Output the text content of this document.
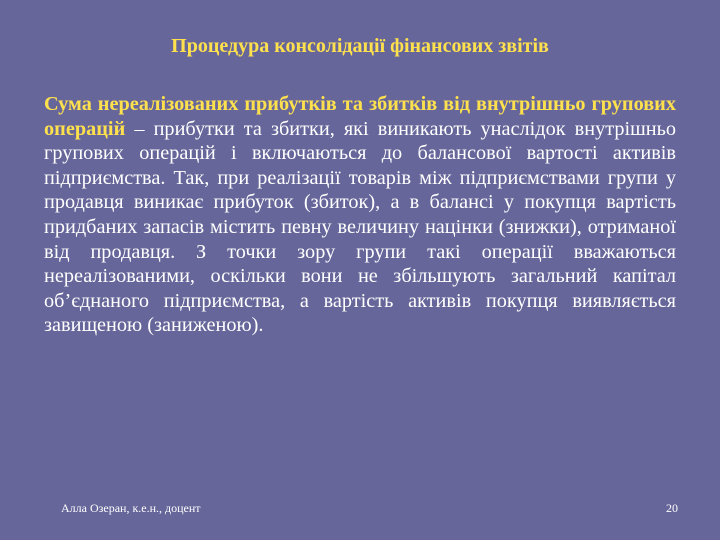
Процедура консолідації фінансових звітів
Сума нереалізованих прибутків та збитків від внутрішньо групових операцій – прибутки та збитки, які виникають унаслідок внутрішньо групових операцій і включаються до балансової вартості активів підприємства. Так, при реалізації товарів між підприємствами групи у продавця виникає прибуток (збиток), а в балансі у покупця вартість придбаних запасів містить певну величину націнки (знижки), отриманої від продавця. З точки зору групи такі операції вважаються нереалізованими, оскільки вони не збільшують загальний капітал об’єднаного підприємства, а вартість активів покупця виявляється завищеною (заниженою).
Алла Озеран, к.е.н., доцент	20
